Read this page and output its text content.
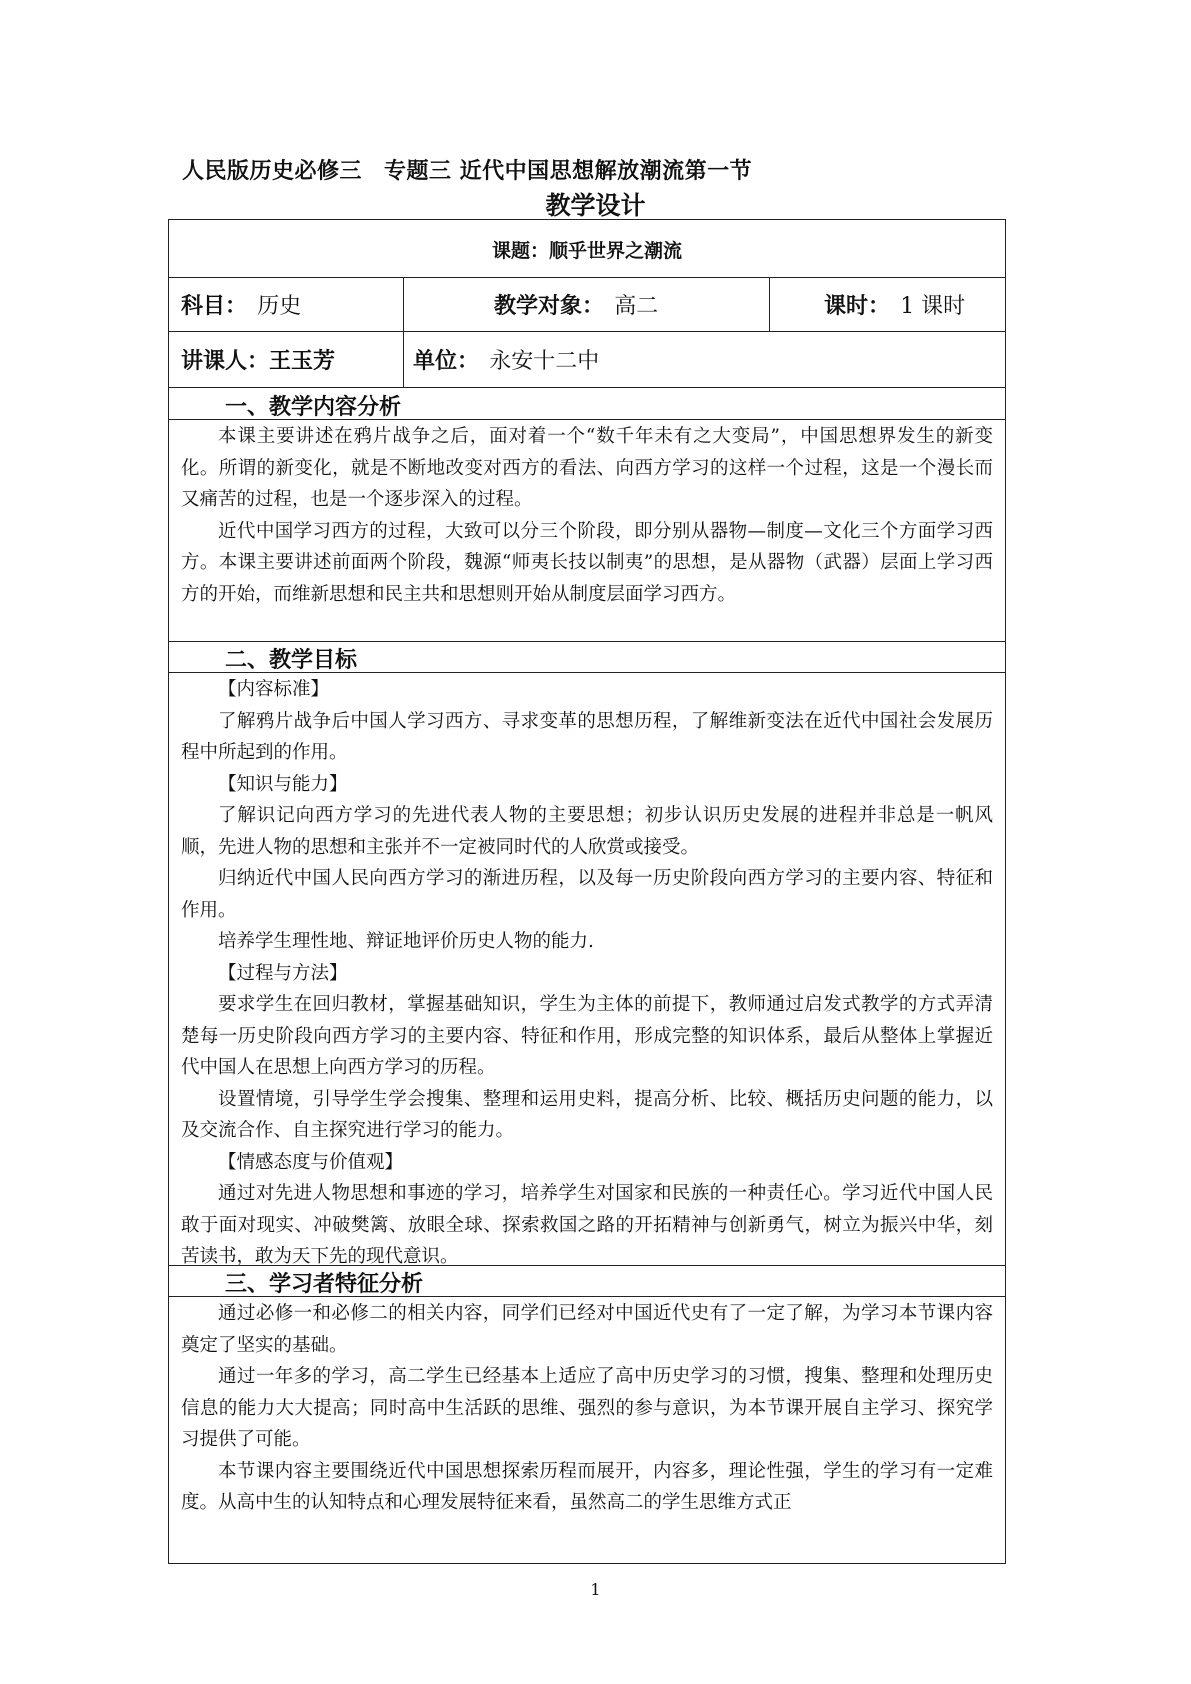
人民版历史必修三 专题三 近代中国思想解放潮流第一节
教学设计
课题：顺乎世界之潮流
科目： 历史	教学对象： 高二	课时： 1 课时
讲课人：王玉芳	单位： 永安十二中
一、教学内容分析

本课主要讲述在鸦片战争之后，面对着一个“数千年未有之大变局”，中国思想界发生的新变化。所谓的新变化，就是不断地改变对西方的看法、向西方学习的这样一个过程，这是一个漫长而又痛苦的过程，也是一个逐步深入的过程。

近代中国学习西方的过程，大致可以分三个阶段，即分别从器物—制度—文化三个方面学习西方。本课主要讲述前面两个阶段，魏源“师夷长技以制夷”的思想，是从器物（武器）层面上学习西方的开始，而维新思想和民主共和思想则开始从制度层面学习西方。

二、教学目标

【内容标准】

了解鸦片战争后中国人学习西方、寻求变革的思想历程，了解维新变法在近代中国社会发展历程中所起到的作用。

【知识与能力】

了解识记向西方学习的先进代表人物的主要思想；初步认识历史发展的进程并非总是一帆风顺，先进人物的思想和主张并不一定被同时代的人欣赏或接受。

归纳近代中国人民向西方学习的渐进历程，以及每一历史阶段向西方学习的主要内容、特征和作用。

培养学生理性地、辩证地评价历史人物的能力.

【过程与方法】

要求学生在回归教材，掌握基础知识，学生为主体的前提下，教师通过启发式教学的方式弄清楚每一历史阶段向西方学习的主要内容、特征和作用，形成完整的知识体系，最后从整体上掌握近代中国人在思想上向西方学习的历程。

设置情境，引导学生学会搜集、整理和运用史料，提高分析、比较、概括历史问题的能力，以及交流合作、自主探究进行学习的能力。

【情感态度与价值观】

通过对先进人物思想和事迹的学习，培养学生对国家和民族的一种责任心。学习近代中国人民敢于面对现实、冲破樊篱、放眼全球、探索救国之路的开拓精神与创新勇气，树立为振兴中华，刻苦读书，敢为天下先的现代意识。

三、学习者特征分析

通过必修一和必修二的相关内容，同学们已经对中国近代史有了一定了解，为学习本节课内容奠定了坚实的基础。

通过一年多的学习，高二学生已经基本上适应了高中历史学习的习惯，搜集、整理和处理历史信息的能力大大提高；同时高中生活跃的思维、强烈的参与意识，为本节课开展自主学习、探究学习提供了可能。

本节课内容主要围绕近代中国思想探索历程而展开，内容多，理论性强，学生的学习有一定难度。从高中生的认知特点和心理发展特征来看，虽然高二的学生思维方式正

1
